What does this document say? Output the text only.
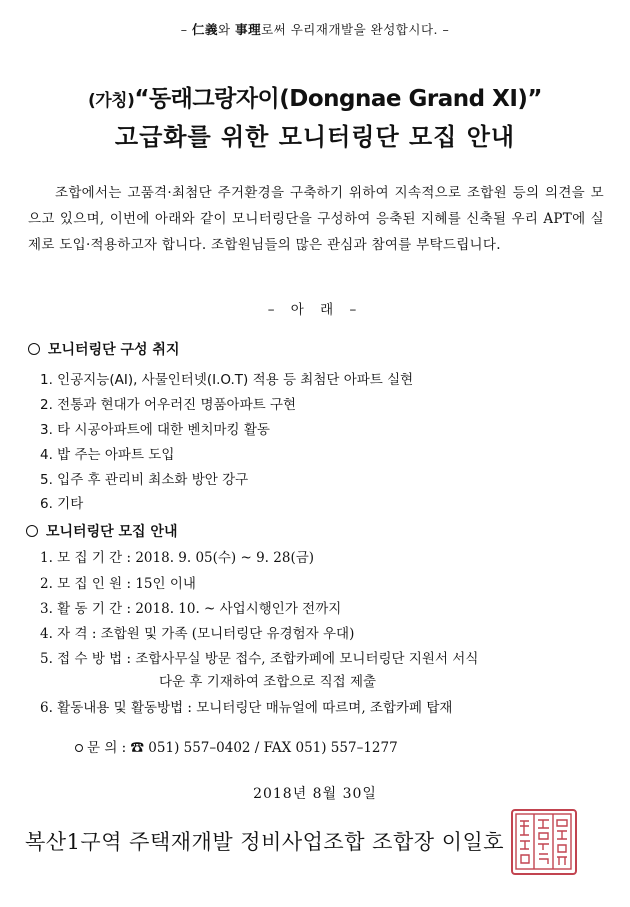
– 仁義와 事理로써 우리재개발을 완성합시다. –
(가칭)“동래그랑자이(Dongnae Grand XI)”
고급화를 위한 모니터링단 모집 안내
조합에서는 고품격·최첨단 주거환경을 구축하기 위하여 지속적으로 조합원 등의 의견을 모으고 있으며, 이번에 아래와 같이 모니터링단을 구성하여 응축된 지혜를 신축될 우리 APT에 실제로 도입·적용하고자 합니다. 조합원님들의 많은 관심과 참여를 부탁드립니다.
– 아 래 –
모니터링단 구성 취지
1. 인공지능(AI), 사물인터넷(I.O.T) 적용 등 최첨단 아파트 실현
2. 전통과 현대가 어우러진 명품아파트 구현
3. 타 시공아파트에 대한 벤치마킹 활동
4. 밥 주는 아파트 도입
5. 입주 후 관리비 최소화 방안 강구
6. 기타
모니터링단 모집 안내
1. 모 집 기 간 : 2018. 9. 05(수) ~ 9. 28(금)
2. 모 집 인 원 : 15인 이내
3. 활 동 기 간 : 2018. 10. ~ 사업시행인가 전까지
4. 자 격 : 조합원 및 가족 (모니터링단 유경험자 우대)
5. 접 수 방 법 : 조합사무실 방문 접수, 조합카페에 모니터링단 지원서 서식
다운 후 기재하여 조합으로 직접 제출
6. 활동내용 및 활동방법 : 모니터링단 매뉴얼에 따르며, 조합카페 탑재
문 의 : ☎ 051) 557–0402 / FAX 051) 557–1277
2018년 8월 30일
복산1구역 주택재개발 정비사업조합 조합장 이일호
